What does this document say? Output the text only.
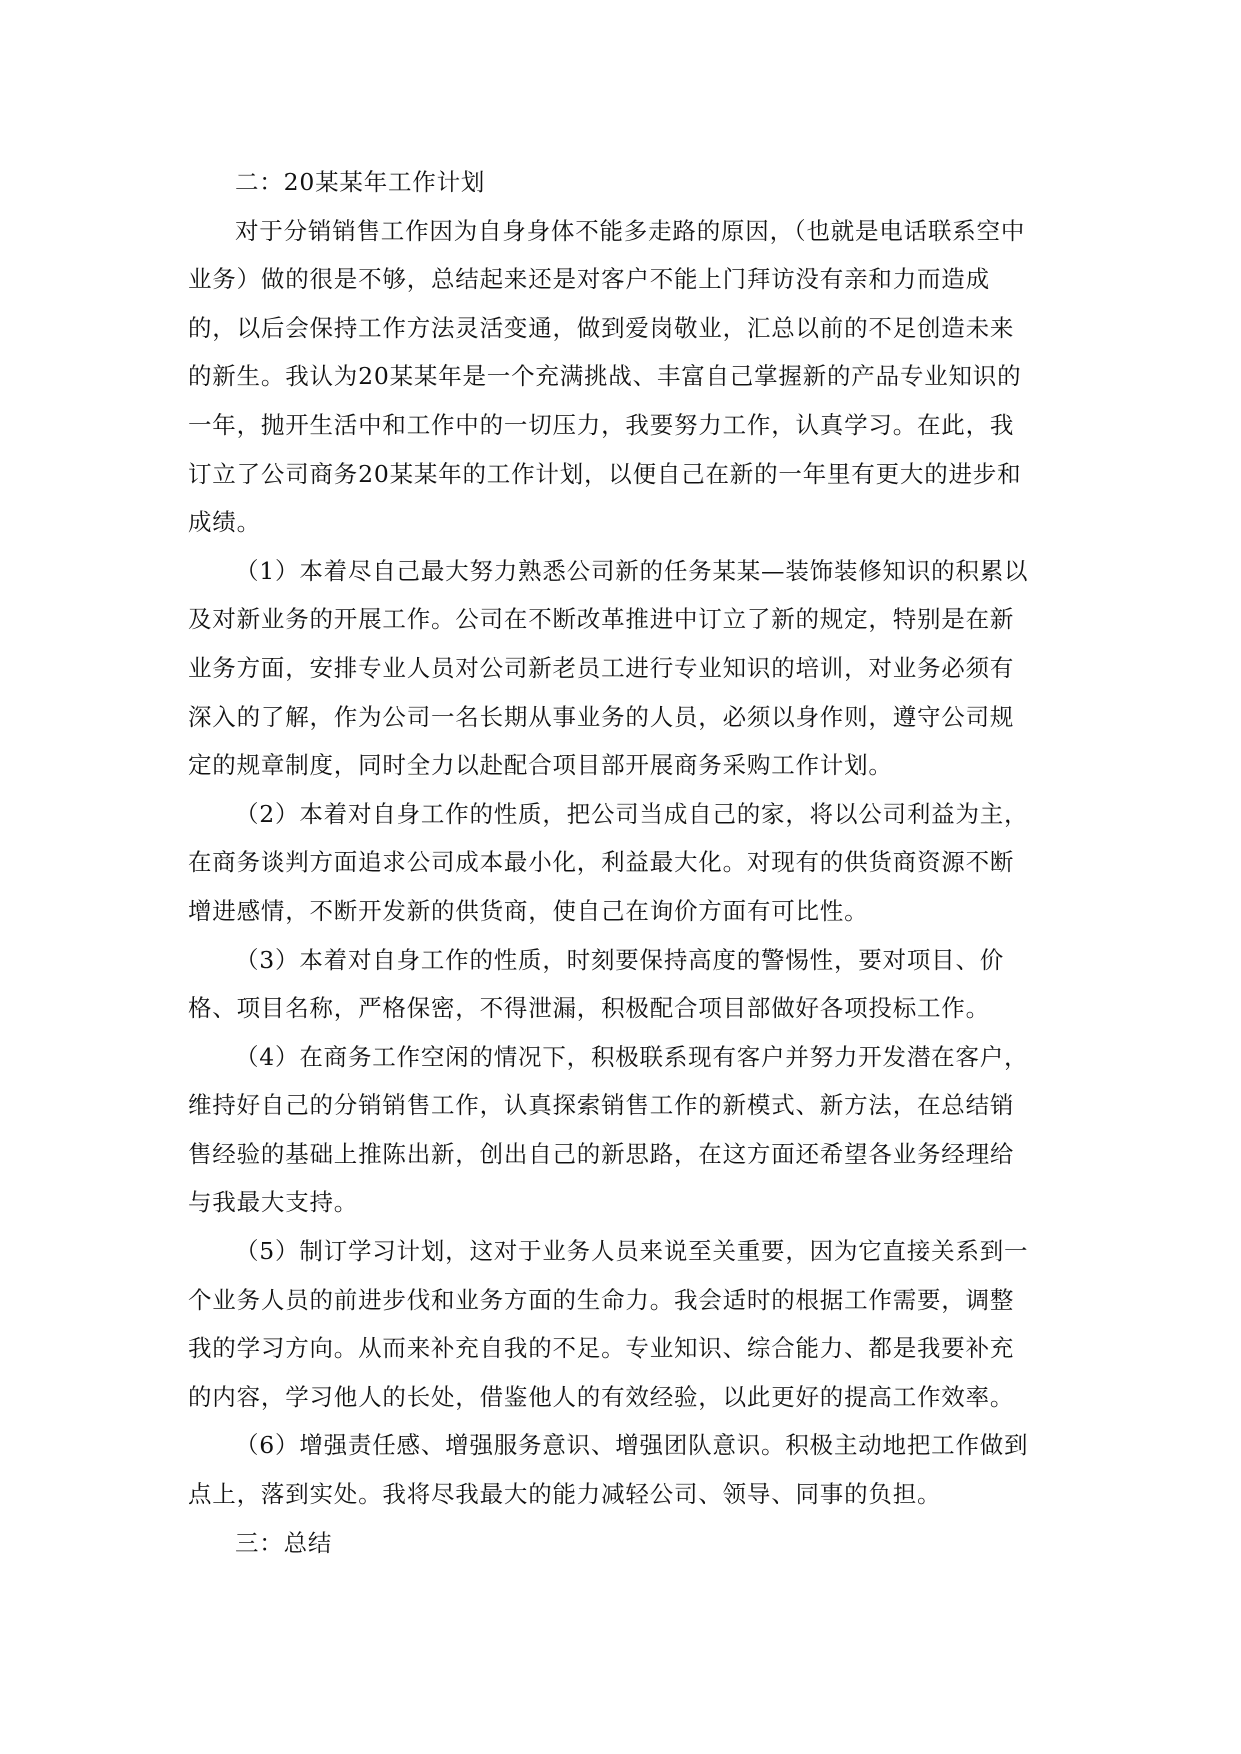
二：20某某年工作计划

对于分销销售工作因为自身身体不能多走路的原因，（也就是电话联系空中
业务）做的很是不够，总结起来还是对客户不能上门拜访没有亲和力而造成
的，以后会保持工作方法灵活变通，做到爱岗敬业，汇总以前的不足创造未来
的新生。我认为20某某年是一个充满挑战、丰富自己掌握新的产品专业知识的
一年，抛开生活中和工作中的一切压力，我要努力工作，认真学习。在此，我
订立了公司商务20某某年的工作计划，以便自己在新的一年里有更大的进步和
成绩。

（1）本着尽自己最大努力熟悉公司新的任务某某—装饰装修知识的积累以
及对新业务的开展工作。公司在不断改革推进中订立了新的规定，特别是在新
业务方面，安排专业人员对公司新老员工进行专业知识的培训，对业务必须有
深入的了解，作为公司一名长期从事业务的人员，必须以身作则，遵守公司规
定的规章制度，同时全力以赴配合项目部开展商务采购工作计划。

（2）本着对自身工作的性质，把公司当成自己的家，将以公司利益为主，
在商务谈判方面追求公司成本最小化，利益最大化。对现有的供货商资源不断
增进感情，不断开发新的供货商，使自己在询价方面有可比性。

（3）本着对自身工作的性质，时刻要保持高度的警惕性，要对项目、价
格、项目名称，严格保密，不得泄漏，积极配合项目部做好各项投标工作。

（4）在商务工作空闲的情况下，积极联系现有客户并努力开发潜在客户，
维持好自己的分销销售工作，认真探索销售工作的新模式、新方法，在总结销
售经验的基础上推陈出新，创出自己的新思路，在这方面还希望各业务经理给
与我最大支持。

（5）制订学习计划，这对于业务人员来说至关重要，因为它直接关系到一
个业务人员的前进步伐和业务方面的生命力。我会适时的根据工作需要，调整
我的学习方向。从而来补充自我的不足。专业知识、综合能力、都是我要补充
的内容，学习他人的长处，借鉴他人的有效经验，以此更好的提高工作效率。

（6）增强责任感、增强服务意识、增强团队意识。积极主动地把工作做到
点上，落到实处。我将尽我最大的能力减轻公司、领导、同事的负担。

三：总结
